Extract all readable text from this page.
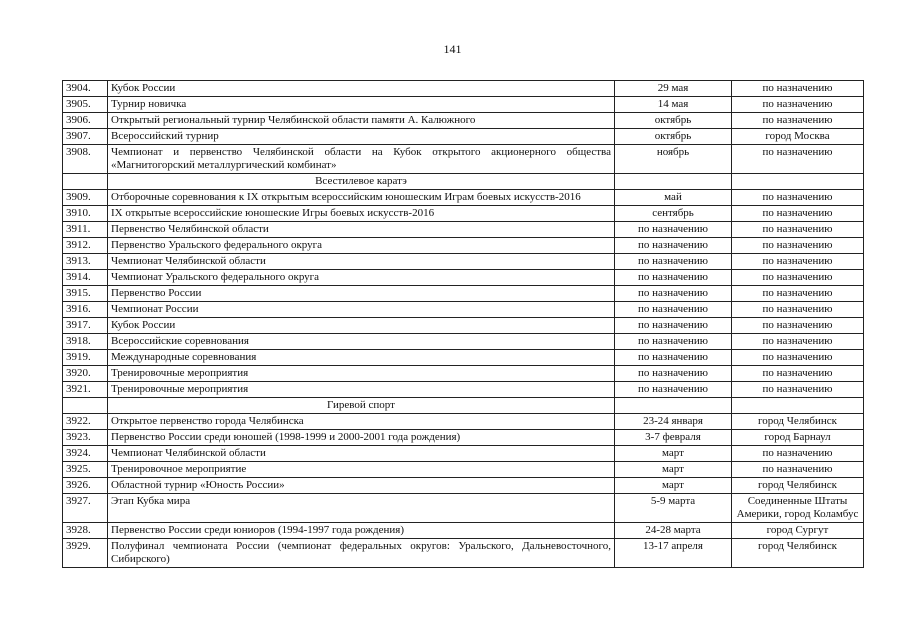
141
3904.	Кубок России	29 мая	по назначению
3905.	Турнир новичка	14 мая	по назначению
3906.	Открытый региональный турнир Челябинской области памяти А. Калюжного	октябрь	по назначению
3907.	Всероссийский турнир	октябрь	город Москва
3908.	Чемпионат и первенство Челябинской области на Кубок открытого акционерного общества «Магнитогорский металлургический комбинат»	ноябрь	по назначению
	Всестилевое каратэ		
3909.	Отборочные соревнования к IX открытым всероссийским юношеским Играм боевых искусств-2016	май	по назначению
3910.	IX открытые всероссийские юношеские Игры боевых искусств-2016	сентябрь	по назначению
3911.	Первенство Челябинской области	по назначению	по назначению
3912.	Первенство Уральского федерального округа	по назначению	по назначению
3913.	Чемпионат Челябинской области	по назначению	по назначению
3914.	Чемпионат Уральского федерального округа	по назначению	по назначению
3915.	Первенство России	по назначению	по назначению
3916.	Чемпионат России	по назначению	по назначению
3917.	Кубок России	по назначению	по назначению
3918.	Всероссийские соревнования	по назначению	по назначению
3919.	Международные соревнования	по назначению	по назначению
3920.	Тренировочные мероприятия	по назначению	по назначению
3921.	Тренировочные мероприятия	по назначению	по назначению
	Гиревой спорт		
3922.	Открытое первенство города Челябинска	23-24 января	город Челябинск
3923.	Первенство России среди юношей (1998-1999 и 2000-2001 года рождения)	3-7 февраля	город Барнаул
3924.	Чемпионат Челябинской области	март	по назначению
3925.	Тренировочное мероприятие	март	по назначению
3926.	Областной турнир «Юность России»	март	город Челябинск
3927.	Этап Кубка мира	5-9 марта	Соединенные Штаты Америки, город Коламбус
3928.	Первенство России среди юниоров (1994-1997 года рождения)	24-28 марта	город Сургут
3929.	Полуфинал чемпионата России (чемпионат федеральных округов: Уральского, Дальневосточного, Сибирского)	13-17 апреля	город Челябинск
